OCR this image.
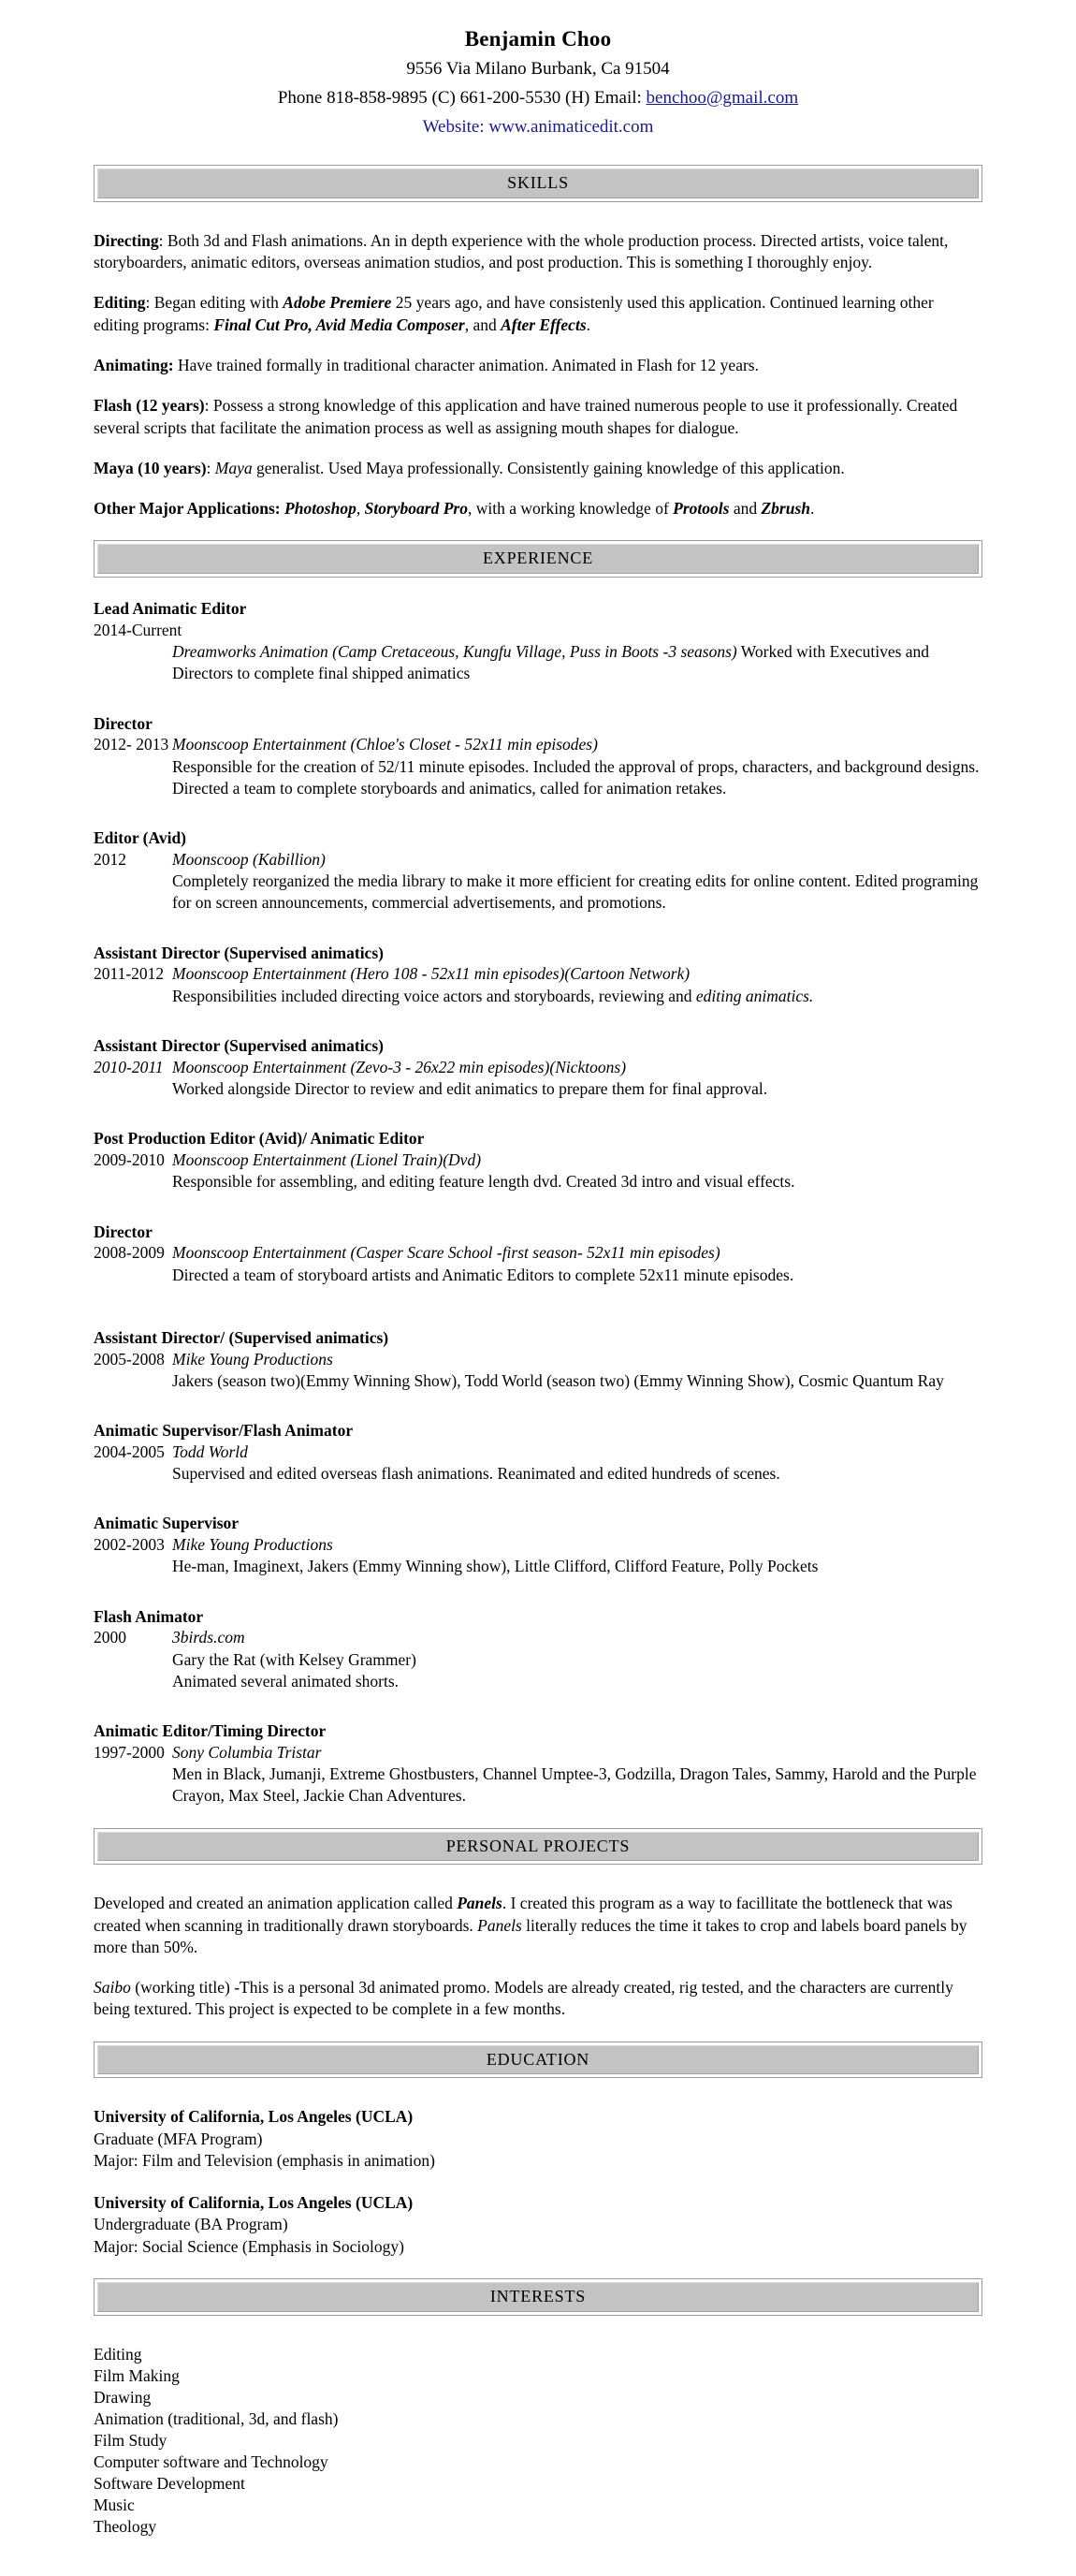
Benjamin Choo
9556 Via Milano Burbank, Ca 91504
Phone 818-858-9895 (C) 661-200-5530 (H) Email: benchoo@gmail.com
Website: www.animaticedit.com
SKILLS
Directing: Both 3d and Flash animations. An in depth experience with the whole production process. Directed artists, voice talent, storyboarders, animatic editors, overseas animation studios, and post production. This is something I thoroughly enjoy.
Editing: Began editing with Adobe Premiere 25 years ago, and have consistenly used this application. Continued learning other editing programs: Final Cut Pro, Avid Media Composer, and After Effects.
Animating: Have trained formally in traditional character animation. Animated in Flash for 12 years.
Flash (12 years): Possess a strong knowledge of this application and have trained numerous people to use it professionally. Created several scripts that facilitate the animation process as well as assigning mouth shapes for dialogue.
Maya (10 years): Maya generalist. Used Maya professionally. Consistently gaining knowledge of this application.
Other Major Applications: Photoshop, Storyboard Pro, with a working knowledge of Protools and Zbrush.
EXPERIENCE
Lead Animatic Editor
2014-Current
Dreamworks Animation (Camp Cretaceous, Kungfu Village, Puss in Boots -3 seasons) Worked with Executives and Directors to complete final shipped animatics
Director
2012- 2013 Moonscoop Entertainment (Chloe's Closet - 52x11 min episodes)
Responsible for the creation of 52/11 minute episodes. Included the approval of props, characters, and background designs. Directed a team to complete storyboards and animatics, called for animation retakes.
Editor (Avid)
2012	Moonscoop (Kabillion)
Completely reorganized the media library to make it more efficient for creating edits for online content. Edited programing for on screen announcements, commercial advertisements, and promotions.
Assistant Director (Supervised animatics)
2011-2012 Moonscoop Entertainment (Hero 108 - 52x11 min episodes)(Cartoon Network)
Responsibilities included directing voice actors and storyboards, reviewing and editing animatics.
Assistant Director (Supervised animatics)
2010-2011 Moonscoop Entertainment (Zevo-3 - 26x22 min episodes)(Nicktoons)
Worked alongside Director to review and edit animatics to prepare them for final approval.
Post Production Editor (Avid)/ Animatic Editor
2009-2010 Moonscoop Entertainment (Lionel Train)(Dvd)
Responsible for assembling, and editing feature length dvd. Created 3d intro and visual effects.
Director
2008-2009 Moonscoop Entertainment (Casper Scare School -first season- 52x11 min episodes)
Directed a team of storyboard artists and Animatic Editors to complete 52x11 minute episodes.
Assistant Director/ (Supervised animatics)
2005-2008 Mike Young Productions
Jakers (season two)(Emmy Winning Show), Todd World (season two) (Emmy Winning Show), Cosmic Quantum Ray
Animatic Supervisor/Flash Animator
2004-2005 Todd World
Supervised and edited overseas flash animations. Reanimated and edited hundreds of scenes.
Animatic Supervisor
2002-2003 Mike Young Productions
He-man, Imaginext, Jakers (Emmy Winning show), Little Clifford, Clifford Feature, Polly Pockets
Flash Animator
2000	3birds.com
Gary the Rat (with Kelsey Grammer)
Animated several animated shorts.
Animatic Editor/Timing Director
1997-2000 Sony Columbia Tristar
Men in Black, Jumanji, Extreme Ghostbusters, Channel Umptee-3, Godzilla, Dragon Tales, Sammy, Harold and the Purple Crayon, Max Steel, Jackie Chan Adventures.
PERSONAL PROJECTS
Developed and created an animation application called Panels. I created this program as a way to facillitate the bottleneck that was created when scanning in traditionally drawn storyboards. Panels literally reduces the time it takes to crop and labels board panels by more than 50%.
Saibo (working title) -This is a personal 3d animated promo. Models are already created, rig tested, and the characters are currently being textured. This project is expected to be complete in a few months.
EDUCATION
University of California, Los Angeles (UCLA)
Graduate (MFA Program)
Major: Film and Television (emphasis in animation)
University of California, Los Angeles (UCLA)
Undergraduate (BA Program)
Major: Social Science (Emphasis in Sociology)
INTERESTS
Editing
Film Making
Drawing
Animation (traditional, 3d, and flash)
Film Study
Computer software and Technology
Software Development
Music
Theology
